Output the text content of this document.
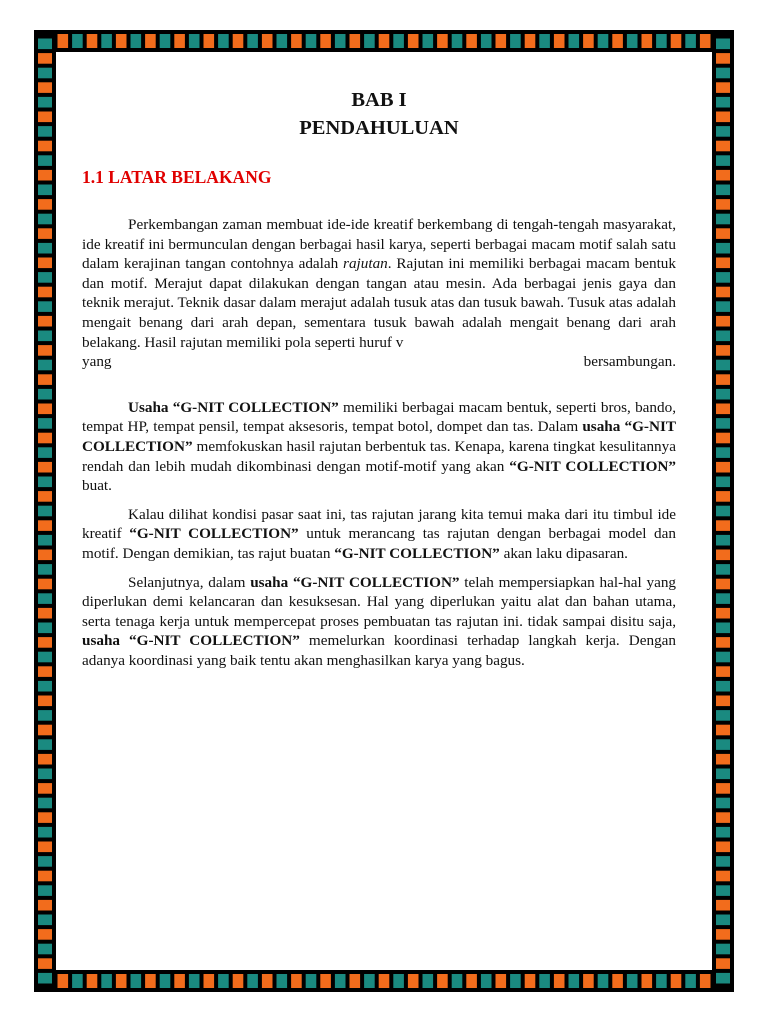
BAB I

PENDAHULUAN

1.1 LATAR BELAKANG

Perkembangan zaman membuat ide-ide kreatif berkembang di tengah-tengah masyarakat, ide kreatif ini bermunculan dengan berbagai hasil karya, seperti berbagai macam motif salah satu dalam kerajinan tangan contohnya adalah rajutan. Rajutan ini memiliki berbagai macam bentuk dan motif. Merajut dapat dilakukan dengan tangan atau mesin. Ada berbagai jenis gaya dan teknik merajut. Teknik dasar dalam merajut adalah tusuk atas dan tusuk bawah. Tusuk atas adalah mengait benang dari arah depan, sementara tusuk bawah adalah mengait benang dari arah belakang. Hasil rajutan memiliki pola seperti huruf v

yang bersambungan.

Usaha “G-NIT COLLECTION” memiliki berbagai macam bentuk, seperti bros, bando, tempat HP, tempat pensil, tempat aksesoris, tempat botol, dompet dan tas. Dalam usaha “G-NIT COLLECTION” memfokuskan hasil rajutan berbentuk tas. Kenapa, karena tingkat kesulitannya rendah dan lebih mudah dikombinasi dengan motif-motif yang akan “G-NIT COLLECTION” buat.

Kalau dilihat kondisi pasar saat ini, tas rajutan jarang kita temui maka dari itu timbul ide kreatif “G-NIT COLLECTION” untuk merancang tas rajutan dengan berbagai model dan motif. Dengan demikian, tas rajut buatan “G-NIT COLLECTION” akan laku dipasaran.

Selanjutnya, dalam usaha “G-NIT COLLECTION” telah mempersiapkan hal-hal yang diperlukan demi kelancaran dan kesuksesan. Hal yang diperlukan yaitu alat dan bahan utama, serta tenaga kerja untuk mempercepat proses pembuatan tas rajutan ini. tidak sampai disitu saja, usaha “G-NIT COLLECTION” memelurkan koordinasi terhadap langkah kerja. Dengan adanya koordinasi yang baik tentu akan menghasilkan karya yang bagus.
